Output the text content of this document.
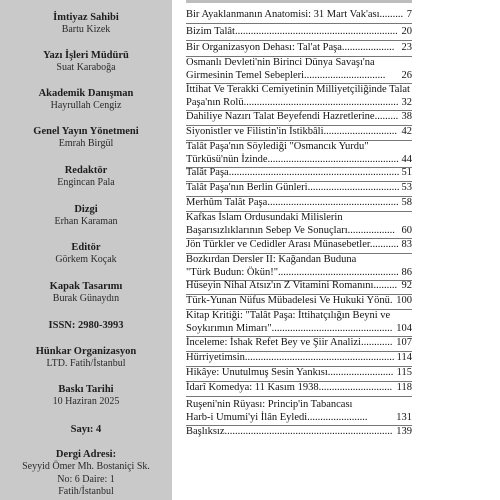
İmtiyaz Sahibi
Bartu Kizek
Yazı İşleri Müdürü
Suat Karaboğa
Akademik Danışman
Hayrullah Cengiz
Genel Yayın Yönetmeni
Emrah Birgül
Redaktör
Engincan Pala
Dizgi
Erhan Karaman
Editör
Görkem Koçak
Kapak Tasarımı
Burak Günaydın
ISSN: 2980-3993
Hünkar Organizasyon
LTD. Fatih/İstanbul
Baskı Tarihi
10 Haziran 2025
Sayı: 4
Dergi Adresi:
Seyyid Ömer Mh. Bostaniçi Sk.
No: 6 Daire: 1
Fatih/İstanbul
Bir Ayaklanmanın Anatomisi: 31 Mart Vak'ası......... 7
Bizim Talât.............................................................. 20
Bir Organizasyon Dehası: Tal'at Paşa.................... 23
Osmanlı Devleti'nin Birinci Dünya Savaşı'na
Girmesinin Temel Sebepleri...............................	26
İttihat Ve Terakki Cemiyetinin Milliyetçiliğinde Talat
Paşa'nın Rolü........................................................... 32
Dahiliye Nazırı Talat Beyefendi Hazretlerine......... 38
Siyonistler ve Filistin'in İstikbâli............................ 42
Talât Paşa'nın Söylediği "Osmancık Yurdu"
Türküsü'nün İzinde.................................................. 44
Talât Paşa................................................................. 51
Talât Paşa'nın Berlin Günleri................................... 53
Merhûm Talât Paşa.................................................. 58
Kafkas İslam Ordusundaki Milislerin
Başarısızlıklarının Sebep Ve Sonuçları.................. 60
Jön Türkler ve Cedidler Arası Münasebetler........... 83
Bozkırdan Dersler II: Kağandan Buduna
"Türk Budun: Ökün!".............................................. 86
Hüseyin Nihal Atsız'ın Z Vitamini Romanını......... 92
Türk-Yunan Nüfus Mübadelesi Ve Hukuki Yönü. 100
Kitap Kritiği: "Talât Paşa: İttihatçılığın Beyni ve
Soykırımın Mimarı".............................................. 104
İnceleme: İshak Refet Bey ve Şiir Analizi............ 107
Hürriyetimsin......................................................... 114
Hikâye: Unutulmuş Sesin Yankısı......................... 115
İdarî Komedya: 11 Kasım 1938............................ 118
Ruşeni'nin Rüyası: Princip'in Tabancası
Harb-i Umumi'yi İlân Eyledi.......................	131
Başlıksız................................................................ 139
